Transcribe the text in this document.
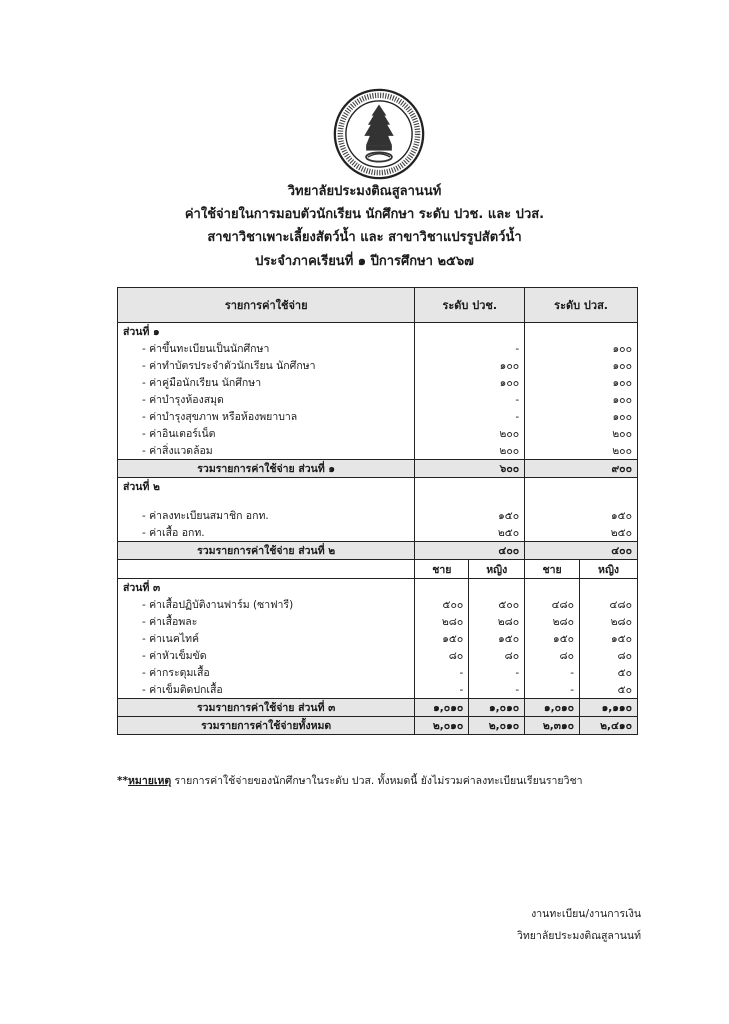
วิทยาลัยประมงติณสูลานนท์
ค่าใช้จ่ายในการมอบตัวนักเรียน นักศึกษา ระดับ ปวช. และ ปวส.
สาขาวิชาเพาะเลี้ยงสัตว์น้ำ และ สาขาวิชาแปรรูปสัตว์น้ำ
ประจำภาคเรียนที่ ๑ ปีการศึกษา ๒๕๖๗
รายการค่าใช้จ่าย	ระดับ ปวช.		ระดับ ปวส.	
ส่วนที่ ๑				
- ค่าขึ้นทะเบียนเป็นนักศึกษา	-		๑๐๐	
- ค่าทำบัตรประจำตัวนักเรียน นักศึกษา	๑๐๐		๑๐๐	
- ค่าคู่มือนักเรียน นักศึกษา	๑๐๐		๑๐๐	
- ค่าบำรุงห้องสมุด	-		๑๐๐	
- ค่าบำรุงสุขภาพ หรือห้องพยาบาล	-		๑๐๐	
- ค่าอินเตอร์เน็ต	๒๐๐		๒๐๐	
- ค่าสิ่งแวดล้อม	๒๐๐		๒๐๐	
รวมรายการค่าใช้จ่าย ส่วนที่ ๑	๖๐๐		๙๐๐	
ส่วนที่ ๒				

- ค่าลงทะเบียนสมาชิก อกท.	๑๕๐		๑๕๐	
- ค่าเสื้อ อกท.	๒๕๐		๒๕๐	
รวมรายการค่าใช้จ่าย ส่วนที่ ๒	๔๐๐		๔๐๐	
	ชาย	หญิง	ชาย	หญิง
ส่วนที่ ๓				
- ค่าเสื้อปฏิบัติงานฟาร์ม (ซาฟารี)	๕๐๐	๕๐๐	๔๘๐	๔๘๐
- ค่าเสื้อพละ	๒๘๐	๒๘๐	๒๘๐	๒๘๐
- ค่าเนคไทค์	๑๕๐	๑๕๐	๑๕๐	๑๕๐
- ค่าหัวเข็มขัด	๘๐	๘๐	๘๐	๘๐
- ค่ากระดุมเสื้อ	-	-	-	๕๐
- ค่าเข็มติดปกเสื้อ	-	-	-	๕๐
รวมรายการค่าใช้จ่าย ส่วนที่ ๓	๑,๐๑๐	๑,๐๑๐	๑,๐๑๐	๑,๑๑๐
รวมรายการค่าใช้จ่ายทั้งหมด	๒,๐๑๐	๒,๐๑๐	๒,๓๑๐	๒,๔๑๐
**หมายเหตุ รายการค่าใช้จ่ายของนักศึกษาในระดับ ปวส. ทั้งหมดนี้ ยังไม่รวมค่าลงทะเบียนเรียนรายวิชา
งานทะเบียน/งานการเงิน
วิทยาลัยประมงติณสูลานนท์
